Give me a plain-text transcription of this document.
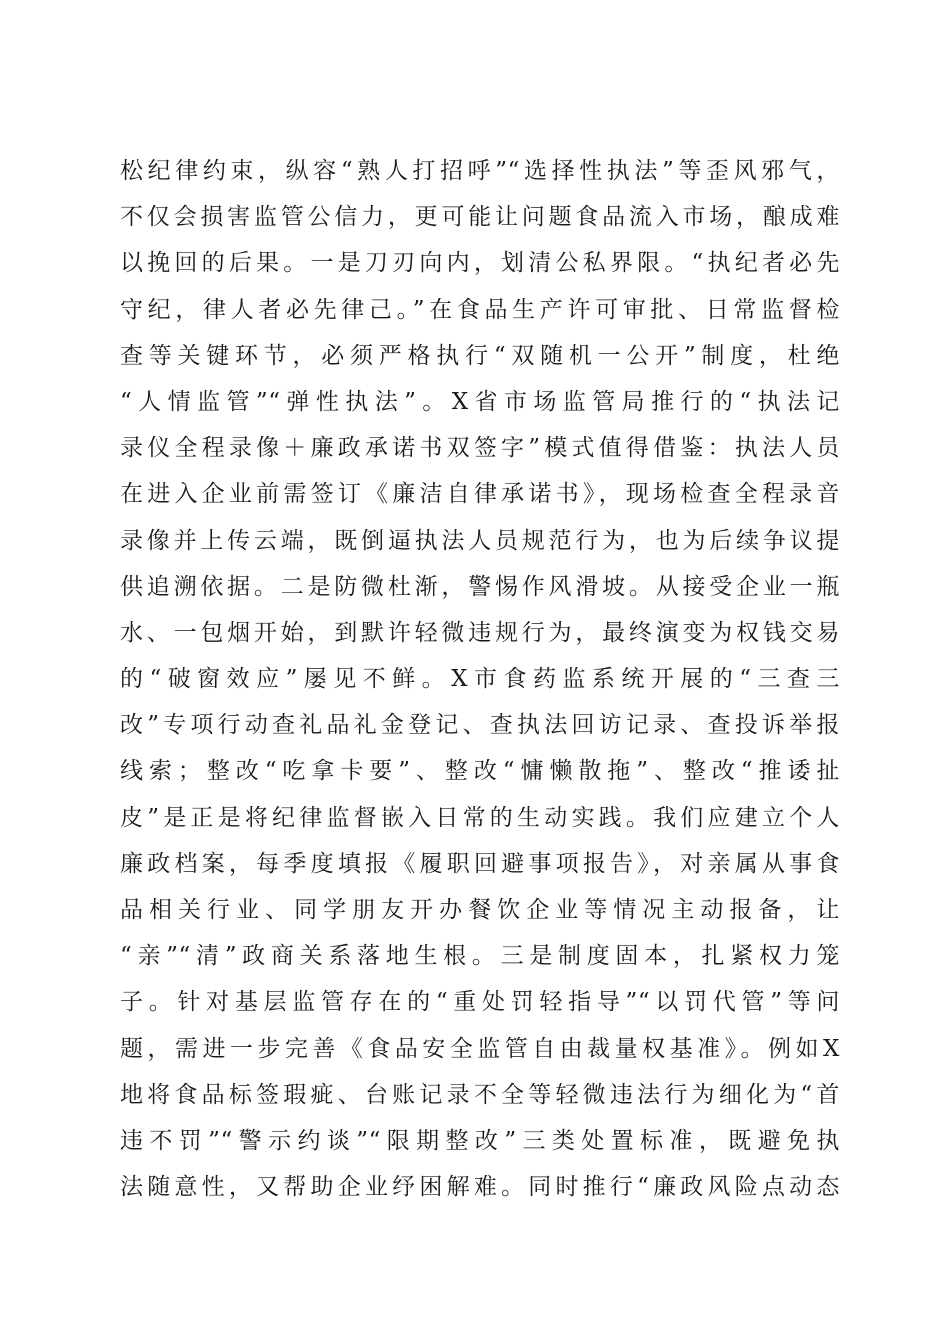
松纪律约束，纵容“熟人打招呼”“选择性执法”等歪风邪气，
不仅会损害监管公信力，更可能让问题食品流入市场，酿成难
以挽回的后果。一是刀刃向内，划清公私界限。“执纪者必先
守纪，律人者必先律己。”在食品生产许可审批、日常监督检
查等关键环节，必须严格执行“双随机一公开”制度，杜绝
“人情监管”“弹性执法”。X省市场监管局推行的“执法记
录仪全程录像＋廉政承诺书双签字”模式值得借鉴：执法人员
在进入企业前需签订《廉洁自律承诺书》，现场检查全程录音
录像并上传云端，既倒逼执法人员规范行为，也为后续争议提
供追溯依据。二是防微杜渐，警惕作风滑坡。从接受企业一瓶
水、一包烟开始，到默许轻微违规行为，最终演变为权钱交易
的“破窗效应”屡见不鲜。X市食药监系统开展的“三查三
改”专项行动查礼品礼金登记、查执法回访记录、查投诉举报
线索；整改“吃拿卡要”、整改“慵懒散拖”、整改“推诿扯
皮”是正是将纪律监督嵌入日常的生动实践。我们应建立个人
廉政档案，每季度填报《履职回避事项报告》，对亲属从事食
品相关行业、同学朋友开办餐饮企业等情况主动报备，让
“亲”“清”政商关系落地生根。三是制度固本，扎紧权力笼
子。针对基层监管存在的“重处罚轻指导”“以罚代管”等问
题，需进一步完善《食品安全监管自由裁量权基准》。例如X
地将食品标签瑕疵、台账记录不全等轻微违法行为细化为“首
违不罚”“警示约谈”“限期整改”三类处置标准，既避免执
法随意性，又帮助企业纾困解难。同时推行“廉政风险点动态
